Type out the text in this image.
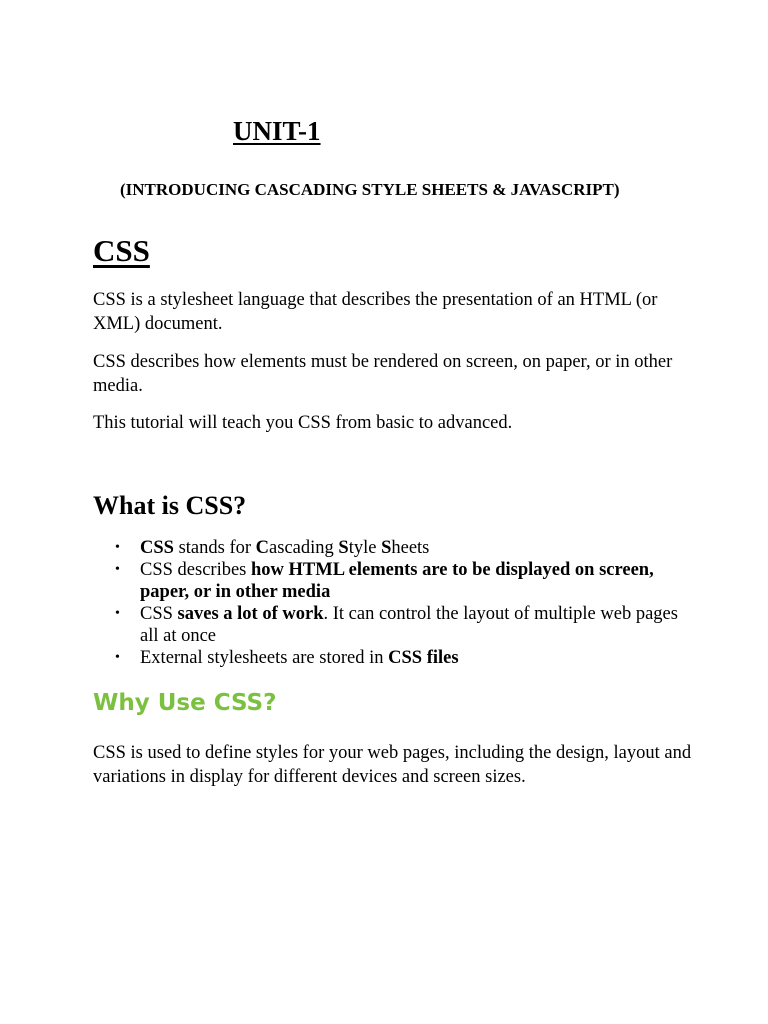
UNIT-1

(INTRODUCING CASCADING STYLE SHEETS & JAVASCRIPT)

CSS

CSS is a stylesheet language that describes the presentation of an HTML (or XML) document.

CSS describes how elements must be rendered on screen, on paper, or in other media.

This tutorial will teach you CSS from basic to advanced.

What is CSS?
• CSS stands for Cascading Style Sheets
• CSS describes how HTML elements are to be displayed on screen, paper, or in other media
• CSS saves a lot of work. It can control the layout of multiple web pages all at once
• External stylesheets are stored in CSS files
Why Use CSS?

CSS is used to define styles for your web pages, including the design, layout and variations in display for different devices and screen sizes.
